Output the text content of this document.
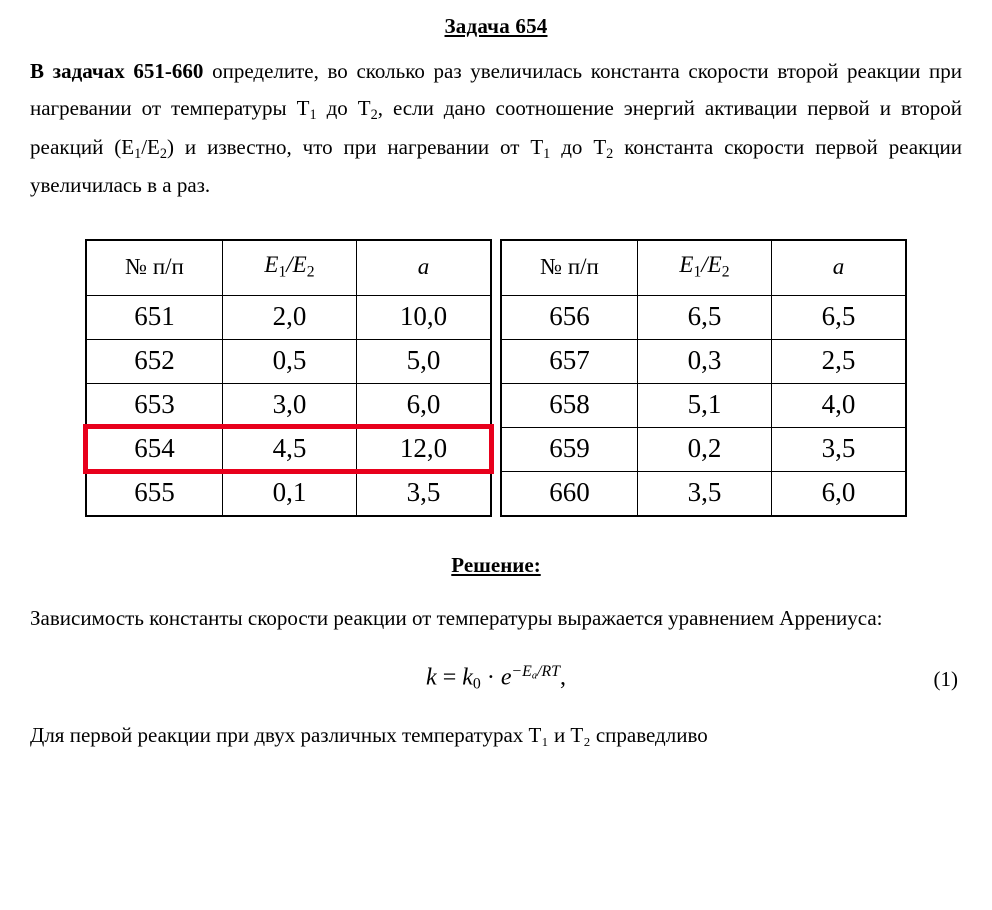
Задача 654

В задачах 651-660 определите, во сколько раз увеличилась константа скорости второй реакции при нагревании от температуры $Т_1$ до $Т_2$, если дано соотношение энергий активации первой и второй реакций $(Е_1/Е_2)$ и известно, что при нагревании от $Т_1$ до $Т_2$ константа скорости первой реакции увеличилась в а раз.

№ п/п	$E_1/E_2$	a
651	2,0	10,0
652	0,5	5,0
653	3,0	6,0
654	4,5	12,0
655	0,1	3,5
№ п/п	$E_1/E_2$	a
656	6,5	6,5
657	0,3	2,5
658	5,1	4,0
659	0,2	3,5
660	3,5	6,0
Решение:

Зависимость константы скорости реакции от температуры выражается уравнением Аррениуса:

$k = k_0 \cdot e^{-E_a/RT}$,	(1)
Для первой реакции при двух различных температурах Т₁ и Т₂ справедливо
